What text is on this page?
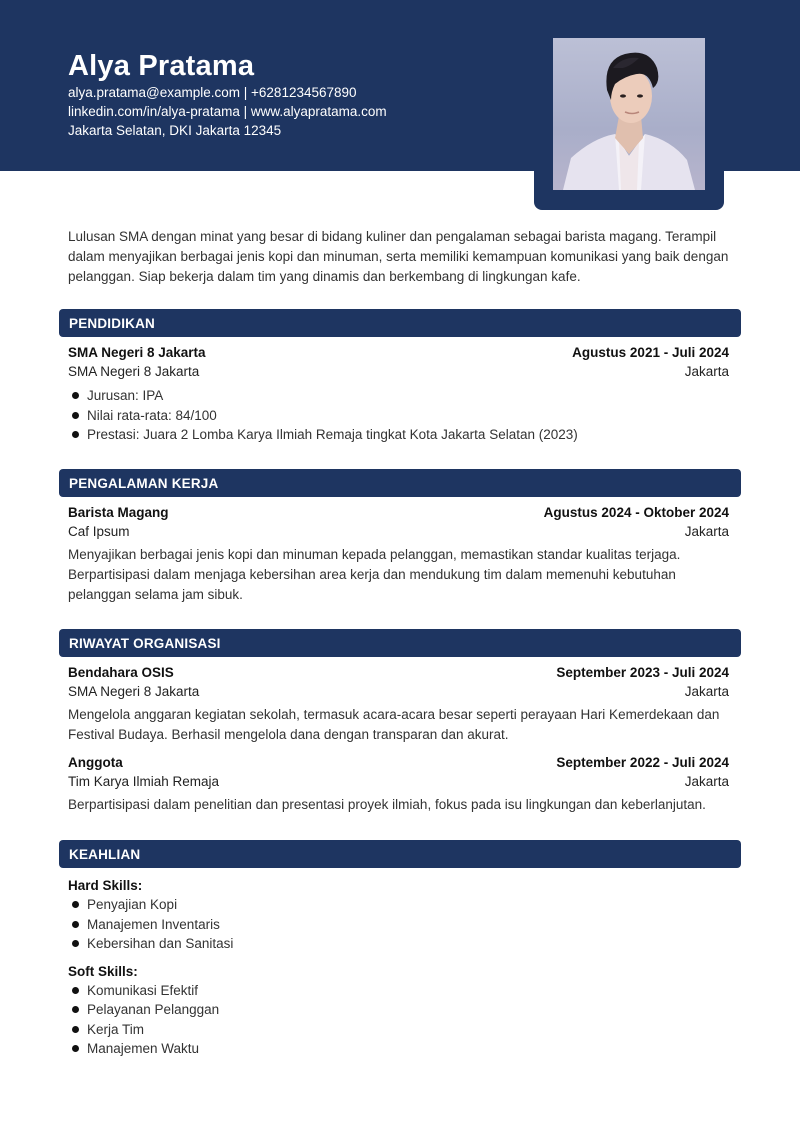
Alya Pratama
alya.pratama@example.com | +6281234567890
linkedin.com/in/alya-pratama | www.alyapratama.com
Jakarta Selatan, DKI Jakarta 12345
Lulusan SMA dengan minat yang besar di bidang kuliner dan pengalaman sebagai barista magang. Terampil dalam menyajikan berbagai jenis kopi dan minuman, serta memiliki kemampuan komunikasi yang baik dengan pelanggan. Siap bekerja dalam tim yang dinamis dan berkembang di lingkungan kafe.
PENDIDIKAN
SMA Negeri 8 Jakarta	Agustus 2021 - Juli 2024
SMA Negeri 8 Jakarta	Jakarta
Jurusan: IPA
Nilai rata-rata: 84/100
Prestasi: Juara 2 Lomba Karya Ilmiah Remaja tingkat Kota Jakarta Selatan (2023)
PENGALAMAN KERJA
Barista Magang	Agustus 2024 - Oktober 2024
Caf Ipsum	Jakarta
Menyajikan berbagai jenis kopi dan minuman kepada pelanggan, memastikan standar kualitas terjaga. Berpartisipasi dalam menjaga kebersihan area kerja dan mendukung tim dalam memenuhi kebutuhan pelanggan selama jam sibuk.
RIWAYAT ORGANISASI
Bendahara OSIS	September 2023 - Juli 2024
SMA Negeri 8 Jakarta	Jakarta
Mengelola anggaran kegiatan sekolah, termasuk acara-acara besar seperti perayaan Hari Kemerdekaan dan Festival Budaya. Berhasil mengelola dana dengan transparan dan akurat.
Anggota	September 2022 - Juli 2024
Tim Karya Ilmiah Remaja	Jakarta
Berpartisipasi dalam penelitian dan presentasi proyek ilmiah, fokus pada isu lingkungan dan keberlanjutan.
KEAHLIAN
Hard Skills:
Penyajian Kopi
Manajemen Inventaris
Kebersihan dan Sanitasi
Soft Skills:
Komunikasi Efektif
Pelayanan Pelanggan
Kerja Tim
Manajemen Waktu
